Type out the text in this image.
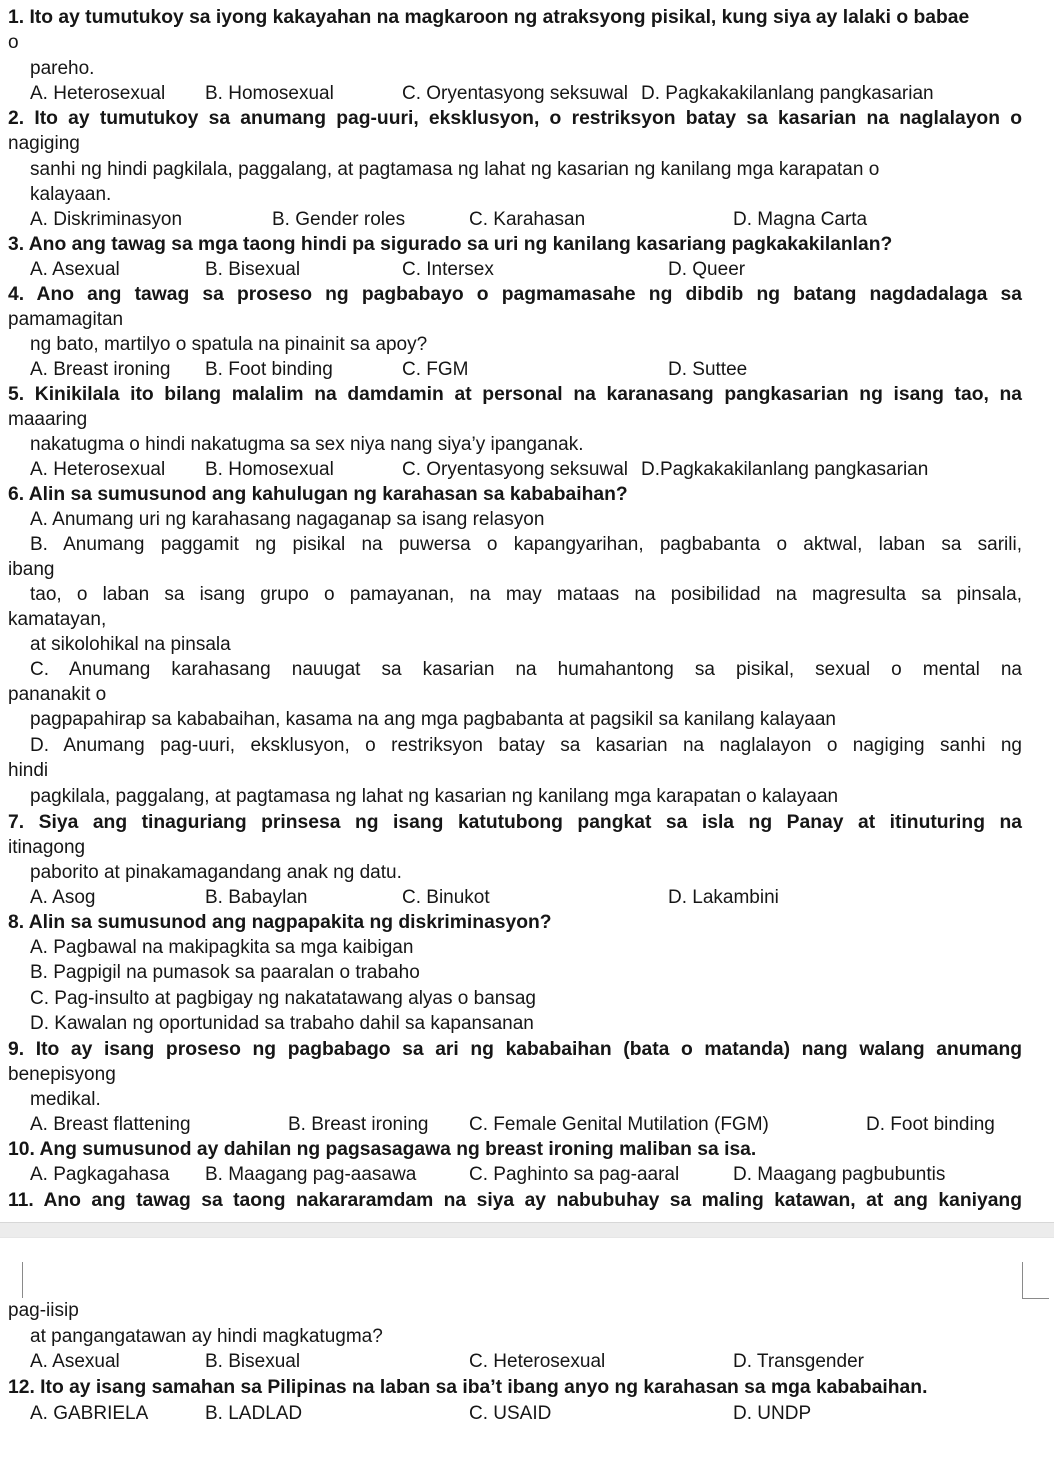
1. Ito ay tumutukoy sa iyong kakayahan na magkaroon ng atraksyong pisikal, kung siya ay lalaki o babae
o
pareho.
A. Heterosexual B. Homosexual	C. Oryentasyong seksuwal D. Pagkakakilanlang pangkasarian
2. Ito ay tumutukoy sa anumang pag-uuri, eksklusyon, o restriksyon batay sa kasarian na naglalayon o
nagiging
sanhi ng hindi pagkilala, paggalang, at pagtamasa ng lahat ng kasarian ng kanilang mga karapatan o
kalayaan.
A. Diskriminasyon	B. Gender roles	C. Karahasan	D. Magna Carta
3. Ano ang tawag sa mga taong hindi pa sigurado sa uri ng kanilang kasariang pagkakakilanlan?
A. Asexual	B. Bisexual	C. Intersex	D. Queer
4. Ano ang tawag sa proseso ng pagbabayo o pagmamasahe ng dibdib ng batang nagdadalaga sa
pamamagitan
ng bato, martilyo o spatula na pinainit sa apoy?
A. Breast ironing B. Foot binding	C. FGM	D. Suttee
5. Kinikilala ito bilang malalim na damdamin at personal na karanasang pangkasarian ng isang tao, na
maaaring
nakatugma o hindi nakatugma sa sex niya nang siya’y ipanganak.
A. Heterosexual B. Homosexual	C. Oryentasyong seksuwal D.Pagkakakilanlang pangkasarian
6. Alin sa sumusunod ang kahulugan ng karahasan sa kababaihan?
A. Anumang uri ng karahasang nagaganap sa isang relasyon
B. Anumang paggamit ng pisikal na puwersa o kapangyarihan, pagbabanta o aktwal, laban sa sarili,
ibang
tao, o laban sa isang grupo o pamayanan, na may mataas na posibilidad na magresulta sa pinsala,
kamatayan,
at sikolohikal na pinsala
C. Anumang karahasang nauugat sa kasarian na humahantong sa pisikal, sexual o mental na
pananakit o
pagpapahirap sa kababaihan, kasama na ang mga pagbabanta at pagsikil sa kanilang kalayaan
D. Anumang pag-uuri, eksklusyon, o restriksyon batay sa kasarian na naglalayon o nagiging sanhi ng
hindi
pagkilala, paggalang, at pagtamasa ng lahat ng kasarian ng kanilang mga karapatan o kalayaan
7. Siya ang tinaguriang prinsesa ng isang katutubong pangkat sa isla ng Panay at itinuturing na
itinagong
paborito at pinakamagandang anak ng datu.
A. Asog	B. Babaylan	C. Binukot	D. Lakambini
8. Alin sa sumusunod ang nagpapakita ng diskriminasyon?
A. Pagbawal na makipagkita sa mga kaibigan
B. Pagpigil na pumasok sa paaralan o trabaho
C. Pag-insulto at pagbigay ng nakatatawang alyas o bansag
D. Kawalan ng oportunidad sa trabaho dahil sa kapansanan
9. Ito ay isang proseso ng pagbabago sa ari ng kababaihan (bata o matanda) nang walang anumang
benepisyong
medikal.
A. Breast flattening	B. Breast ironing C. Female Genital Mutilation (FGM)	D. Foot binding
10. Ang sumusunod ay dahilan ng pagsasagawa ng breast ironing maliban sa isa.
A. Pagkagahasa B. Maagang pag-aasawa	C. Paghinto sa pag-aaral	D. Maagang pagbubuntis
11. Ano ang tawag sa taong nakararamdam na siya ay nabubuhay sa maling katawan, at ang kaniyang
pag-iisip
at pangangatawan ay hindi magkatugma?
A. Asexual	B. Bisexual	C. Heterosexual	D. Transgender
12. Ito ay isang samahan sa Pilipinas na laban sa iba’t ibang anyo ng karahasan sa mga kababaihan.
A. GABRIELA	B. LADLAD	C. USAID	D. UNDP
